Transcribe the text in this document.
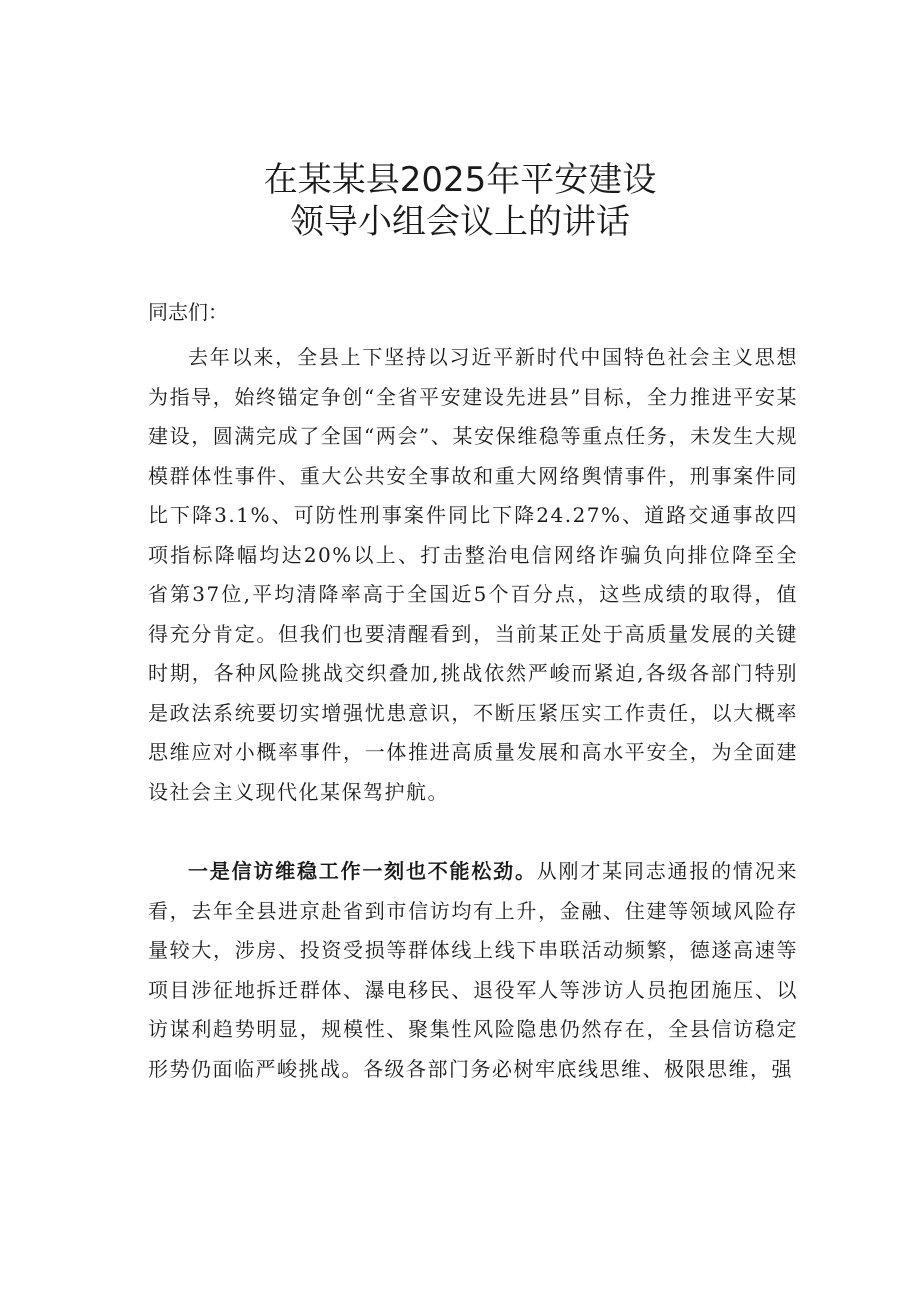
在某某县2025年平安建设
领导小组会议上的讲话

同志们：

去年以来，全县上下坚持以习近平新时代中国特色社会主义思想为指导，始终锚定争创“全省平安建设先进县”目标，全力推进平安某建设，圆满完成了全国“两会”、某安保维稳等重点任务，未发生大规模群体性事件、重大公共安全事故和重大网络舆情事件，刑事案件同比下降3.1%、可防性刑事案件同比下降24.27%、道路交通事故四项指标降幅均达20%以上、打击整治电信网络诈骗负向排位降至全省第37位,平均清降率高于全国近5个百分点，这些成绩的取得，值得充分肯定。但我们也要清醒看到，当前某正处于高质量发展的关键时期，各种风险挑战交织叠加,挑战依然严峻而紧迫,各级各部门特别是政法系统要切实增强忧患意识，不断压紧压实工作责任，以大概率思维应对小概率事件，一体推进高质量发展和高水平安全，为全面建设社会主义现代化某保驾护航。

一是信访维稳工作一刻也不能松劲。从刚才某同志通报的情况来看，去年全县进京赴省到市信访均有上升，金融、住建等领域风险存量较大，涉房、投资受损等群体线上线下串联活动频繁，德遂高速等项目涉征地拆迁群体、瀑电移民、退役军人等涉访人员抱团施压、以访谋利趋势明显，规模性、聚集性风险隐患仍然存在，全县信访稳定形势仍面临严峻挑战。各级各部门务必树牢底线思维、极限思维，强
